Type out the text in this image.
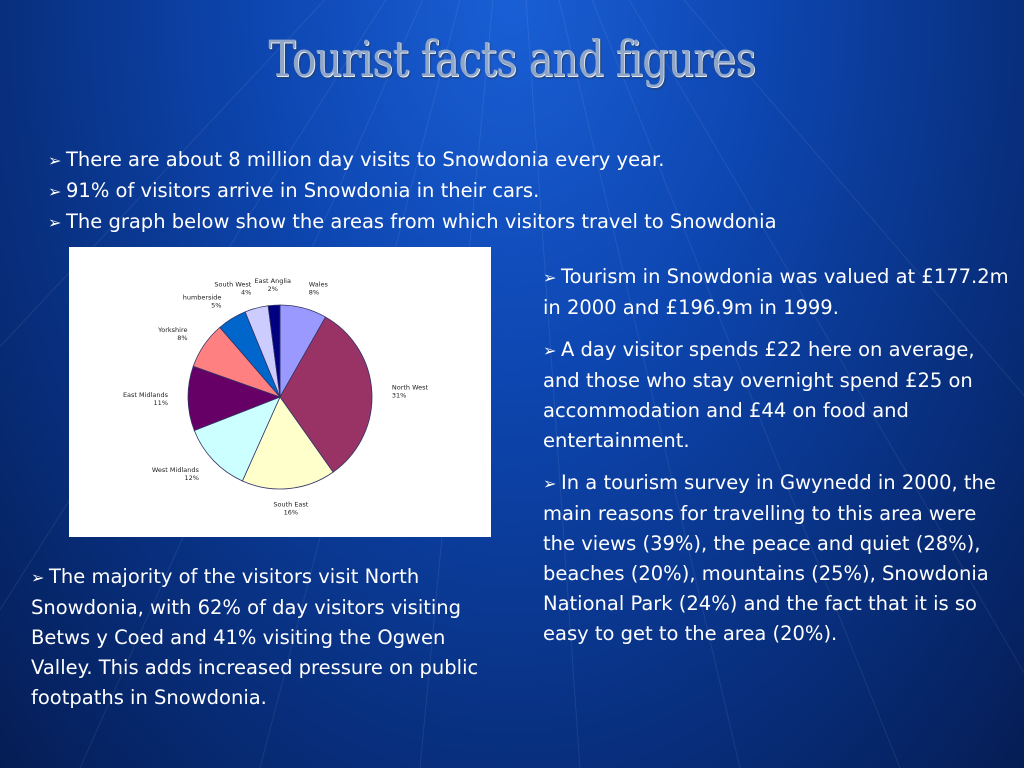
Tourist facts and figures
➢ There are about 8 million day visits to Snowdonia every year.
➢ 91% of visitors arrive in Snowdonia in their cars.
➢ The graph below show the areas from which visitors travel to Snowdonia
Wales
8%
North West
31%
South East
16%
West Midlands
12%
East Midlands
11%
Yorkshire
8%
humberside
5%
South West
4%
East Anglia
2%

➢ Tourism in Snowdonia was valued at £177.2m in 2000 and £196.9m in 1999.

➢ A day visitor spends £22 here on average, and those who stay overnight spend £25 on accommodation and £44 on food and entertainment.

➢ In a tourism survey in Gwynedd in 2000, the main reasons for travelling to this area were the views (39%), the peace and quiet (28%), beaches (20%), mountains (25%), Snowdonia National Park (24%) and the fact that it is so easy to get to the area (20%).

➢ The majority of the visitors visit North Snowdonia, with 62% of day visitors visiting Betws y Coed and 41% visiting the Ogwen Valley. This adds increased pressure on public footpaths in Snowdonia.
